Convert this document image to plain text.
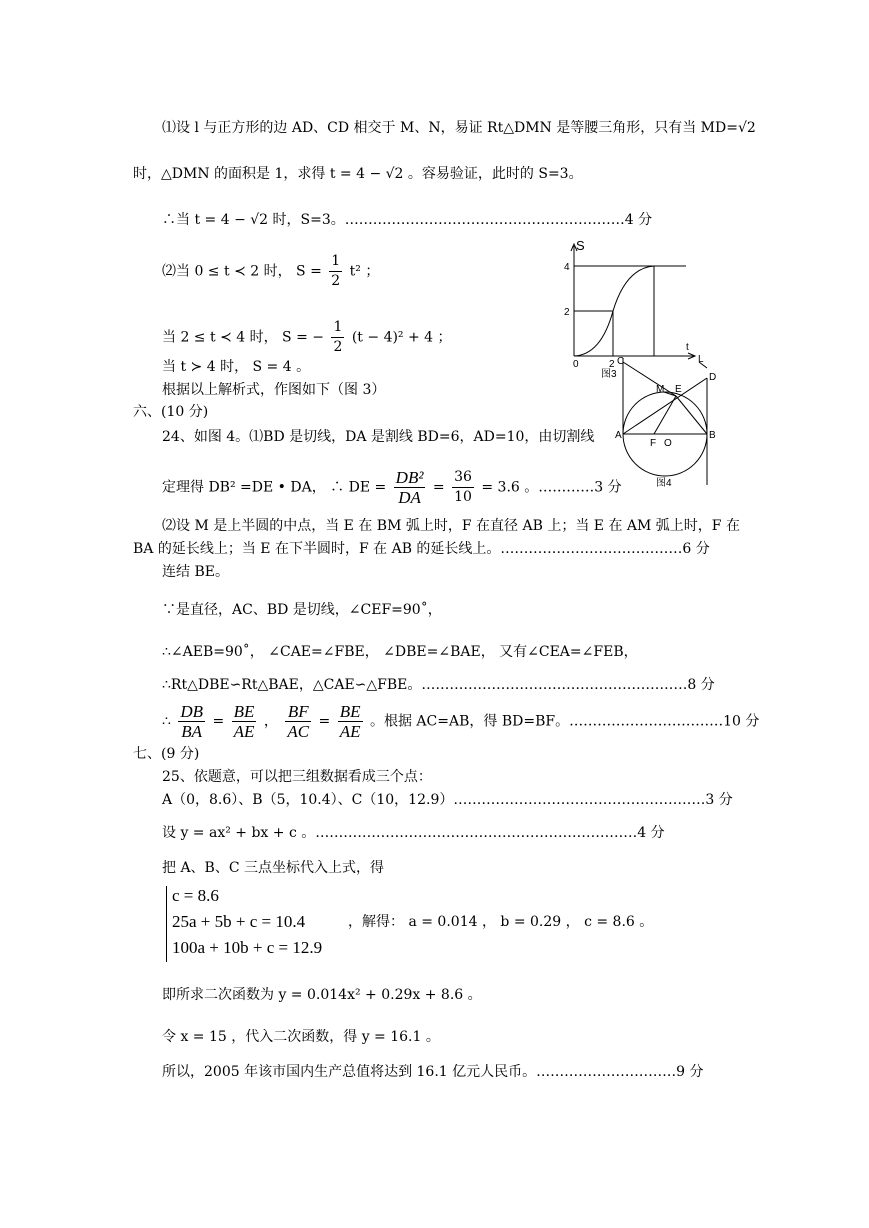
⑴设 l 与正方形的边 AD、CD 相交于 M、N，易证 Rt△DMN 是等腰三角形，只有当 MD=√2
时，△DMN 的面积是 1，求得 t = 4 − √2 。容易验证，此时的 S=3。
∴当 t = 4 − √2 时，S=3。……………………………………………………4 分
⑵当 0 ≤ t ≺ 2 时， $S = \frac{1}{2} t^2$ ；
当 2 ≤ t ≺ 4 时， S = − $\frac{1}{2} (t - 4)^2 + 4$ ；
当 t ≻ 4 时， S = 4 。
根据以上解析式，作图如下（图 3）
六、(10 分)
24、如图 4。⑴BD 是切线，DA 是割线 BD=6，AD=10，由切割线
定理得 DB² =DE • DA， ∴ DE = $\frac{\text{DB²}}{DA} = \frac{36}{10} = 3.6$ 。…………3 分
⑵设 M 是上半圆的中点，当 E 在 BM 弧上时，F 在直径 AB 上；当 E 在 AM 弧上时，F 在
BA 的延长线上；当 E 在下半圆时，F 在 AB 的延长线上。…………………………………6 分
连结 BE。
∵是直径，AC、BD 是切线，∠CEF=90˚，
∴∠AEB=90˚， ∠CAE=∠FBE， ∠DBE=∠BAE， 又有∠CEA=∠FEB，
∴Rt△DBE∽Rt△BAE，△CAE∽△FBE。…………………………………………………8 分
∴ $\frac{DB}{BA} = \frac{BE}{AE}$ ， $\frac{BF}{AC} = \frac{BE}{AE}$ 。根据 AC=AB，得 BD=BF。……………………………10 分
七、(9 分)
25、依题意，可以把三组数据看成三个点：
A（0，8.6）、B（5，10.4）、C（10，12.9）………………………………………………3 分
设 y = ax² + bx + c 。……………………………………………………………4 分
把 A、B、C 三点坐标代入上式，得
c = 8.6
25a + 5b + c = 10.4
100a + 10b + c = 12.9
，解得： a = 0.014 ， b = 0.29 ， c = 8.6 。
即所求二次函数为 y = 0.014x² + 0.29x + 8.6 。
令 x = 15 ，代入二次函数，得 y = 16.1 。
所以，2005 年该市国内生产总值将达到 16.1 亿元人民币。…………………………9 分
S
4
2
0	2
t
图3
C	L
D
M E
A
F O
B
图4
